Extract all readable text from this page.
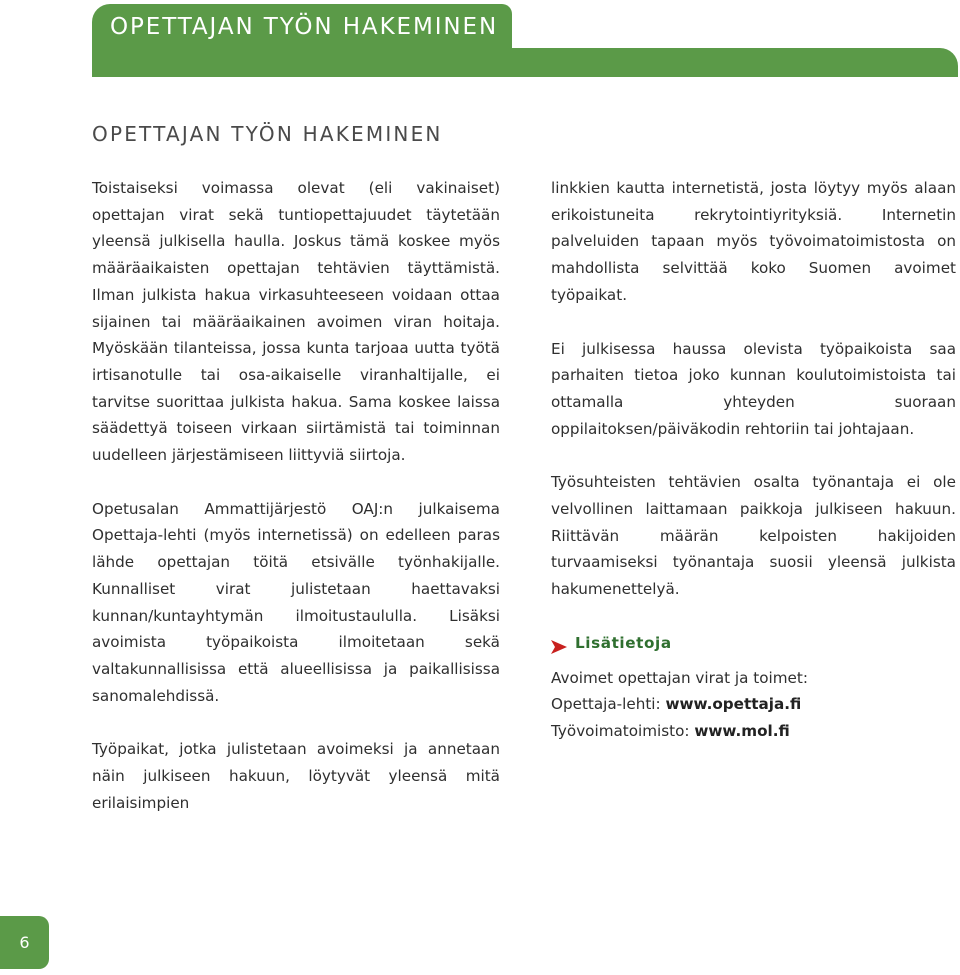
OPETTAJAN TYÖN HAKEMINEN
OPETTAJAN TYÖN HAKEMINEN

Toistaiseksi voimassa olevat (eli vakinaiset) opettajan virat sekä tuntiopettajuudet täytetään yleensä julkisella haulla. Joskus tämä koskee myös määräaikaisten opettajan tehtävien täyttämistä. Ilman julkista hakua virkasuhteeseen voidaan ottaa sijainen tai määräaikainen avoimen viran hoitaja. Myöskään tilanteissa, jossa kunta tarjoaa uutta työtä irtisanotulle tai osa-aikaiselle viranhaltijalle, ei tarvitse suorittaa julkista hakua. Sama koskee laissa säädettyä toiseen virkaan siirtämistä tai toiminnan uudelleen järjestämiseen liittyviä siirtoja.

Opetusalan Ammattijärjestö OAJ:n julkaisema Opettaja-lehti (myös internetissä) on edelleen paras lähde opettajan töitä etsivälle työnhakijalle. Kunnalliset virat julistetaan haettavaksi kunnan/kuntayhtymän ilmoitustaululla. Lisäksi avoimista työpaikoista ilmoitetaan sekä valtakunnallisissa että alueellisissa ja paikallisissa sanomalehdissä.

Työpaikat, jotka julistetaan avoimeksi ja annetaan näin julkiseen hakuun, löytyvät yleensä mitä erilaisimpien

linkkien kautta internetistä, josta löytyy myös alaan erikoistuneita rekrytointiyrityksiä. Internetin palveluiden tapaan myös työvoimatoimistosta on mahdollista selvittää koko Suomen avoimet työpaikat.

Ei julkisessa haussa olevista työpaikoista saa parhaiten tietoa joko kunnan koulutoimistoista tai ottamalla yhteyden suoraan oppilaitoksen/päiväkodin rehtoriin tai johtajaan.

Työsuhteisten tehtävien osalta työnantaja ei ole velvollinen laittamaan paikkoja julkiseen hakuun. Riittävän määrän kelpoisten hakijoiden turvaamiseksi työnantaja suosii yleensä julkista hakumenettelyä.

Lisätietoja
Avoimet opettajan virat ja toimet:
Opettaja-lehti: www.opettaja.fi
Työvoimatoimisto: www.mol.fi
6
